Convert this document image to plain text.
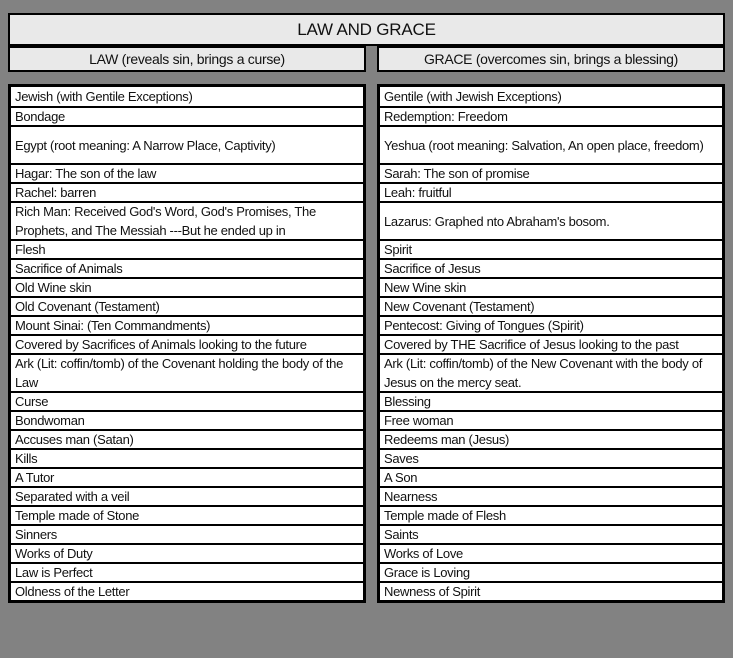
LAW AND GRACE
LAW (reveals sin, brings a curse)	GRACE (overcomes sin, brings a blessing)
Jewish (with Gentile Exceptions)
Bondage
Egypt (root meaning: A Narrow Place, Captivity)
Hagar: The son of the law
Rachel: barren
Rich Man: Received God's Word, God's Promises, The Prophets, and The Messiah ---But he ended up in
Flesh
Sacrifice of Animals
Old Wine skin
Old Covenant (Testament)
Mount Sinai: (Ten Commandments)
Covered by Sacrifices of Animals looking to the future
Ark (Lit: coffin/tomb) of the Covenant holding the body of the Law
Curse
Bondwoman
Accuses man (Satan)
Kills
A Tutor
Separated with a veil
Temple made of Stone
Sinners
Works of Duty
Law is Perfect
Oldness of the Letter
Gentile (with Jewish Exceptions)
Redemption: Freedom
Yeshua (root meaning: Salvation, An open place, freedom)
Sarah: The son of promise
Leah: fruitful
Lazarus: Graphed nto Abraham's bosom.
Spirit
Sacrifice of Jesus
New Wine skin
New Covenant (Testament)
Pentecost: Giving of Tongues (Spirit)
Covered by THE Sacrifice of Jesus looking to the past
Ark (Lit: coffin/tomb) of the New Covenant with the body of Jesus on the mercy seat.
Blessing
Free woman
Redeems man (Jesus)
Saves
A Son
Nearness
Temple made of Flesh
Saints
Works of Love
Grace is Loving
Newness of Spirit
